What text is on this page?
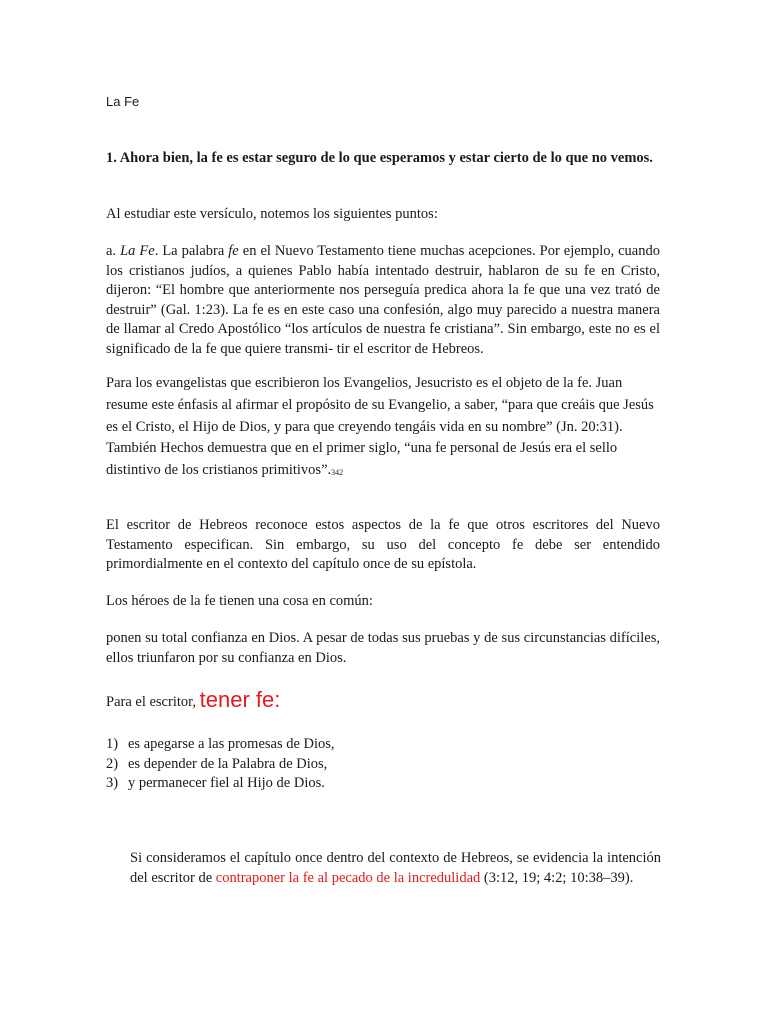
La Fe

1. Ahora bien, la fe es estar seguro de lo que esperamos y estar cierto de lo que no vemos.

Al estudiar este versículo, notemos los siguientes puntos:

a. La Fe. La palabra fe en el Nuevo Testamento tiene muchas acepciones. Por ejemplo, cuando los cristianos judíos, a quienes Pablo había intentado destruir, hablaron de su fe en Cristo, dijeron: “El hombre que anteriormente nos perseguía predica ahora la fe que una vez trató de destruir” (Gal. 1:23). La fe es en este caso una confesión, algo muy parecido a nuestra manera de llamar al Credo Apostólico “los artículos de nuestra fe cristiana”. Sin embargo, este no es el significado de la fe que quiere transmi- tir el escritor de Hebreos.

Para los evangelistas que escribieron los Evangelios, Jesucristo es el objeto de la fe. Juan resume este énfasis al afirmar el propósito de su Evangelio, a saber, “para que creáis que Jesús es el Cristo, el Hijo de Dios, y para que creyendo tengáis vida en su nombre” (Jn. 20:31). También Hechos demuestra que en el primer siglo, “una fe personal de Jesús era el sello distintivo de los cristianos primitivos”.342

El escritor de Hebreos reconoce estos aspectos de la fe que otros escritores del Nuevo Testamento especifican. Sin embargo, su uso del concepto fe debe ser entendido primordialmente en el contexto del capítulo once de su epístola.

Los héroes de la fe tienen una cosa en común:

ponen su total confianza en Dios. A pesar de todas sus pruebas y de sus circunstancias difíciles, ellos triunfaron por su confianza en Dios.

Para el escritor, tener fe:

1) es apegarse a las promesas de Dios,
2) es depender de la Palabra de Dios,
3) y permanecer fiel al Hijo de Dios.

Si consideramos el capítulo once dentro del contexto de Hebreos, se evidencia la intención del escritor de contraponer la fe al pecado de la incredulidad (3:12, 19; 4:2; 10:38–39).
